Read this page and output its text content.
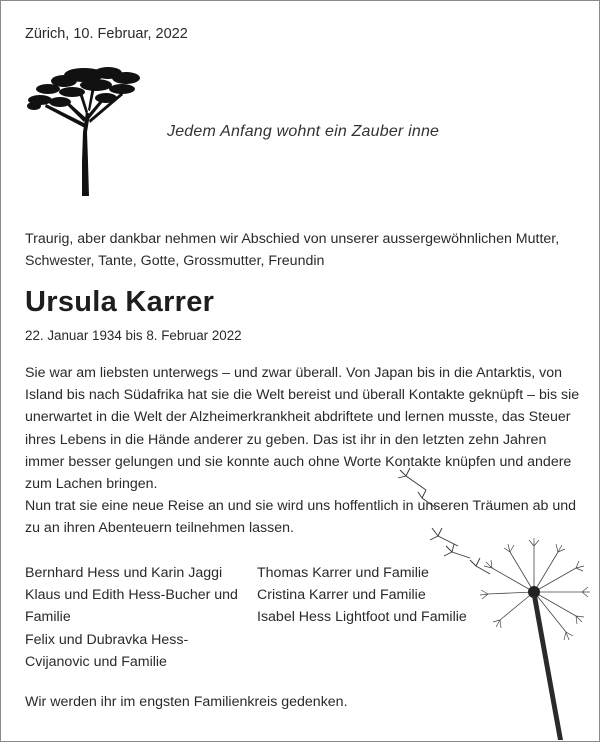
Zürich, 10. Februar, 2022
Jedem Anfang wohnt ein Zauber inne
Traurig, aber dankbar nehmen wir Abschied von unserer aussergewöhnlichen Mutter, Schwester, Tante, Gotte, Grossmutter, Freundin
Ursula Karrer
22. Januar 1934 bis 8. Februar 2022

Sie war am liebsten unterwegs – und zwar überall. Von Japan bis in die Antarktis, von Island bis nach Südafrika hat sie die Welt bereist und überall Kontakte geknüpft – bis sie unerwartet in die Welt der Alzheimerkrankheit abdriftete und lernen musste, das Steuer ihres Lebens in die Hände anderer zu geben. Das ist ihr in den letzten zehn Jahren immer besser gelungen und sie konnte auch ohne Worte Kontakte knüpfen und andere zum Lachen bringen.

Nun trat sie eine neue Reise an und sie wird uns hoffentlich in unseren Träumen ab und zu an ihren Abenteuern teilnehmen lassen.

Bernhard Hess und Karin Jaggi
Klaus und Edith Hess-Bucher und Familie
Felix und Dubravka Hess-Cvijanovic und Familie
Thomas Karrer und Familie
Cristina Karrer und Familie
Isabel Hess Lightfoot und Familie
Wir werden ihr im engsten Familienkreis gedenken.
